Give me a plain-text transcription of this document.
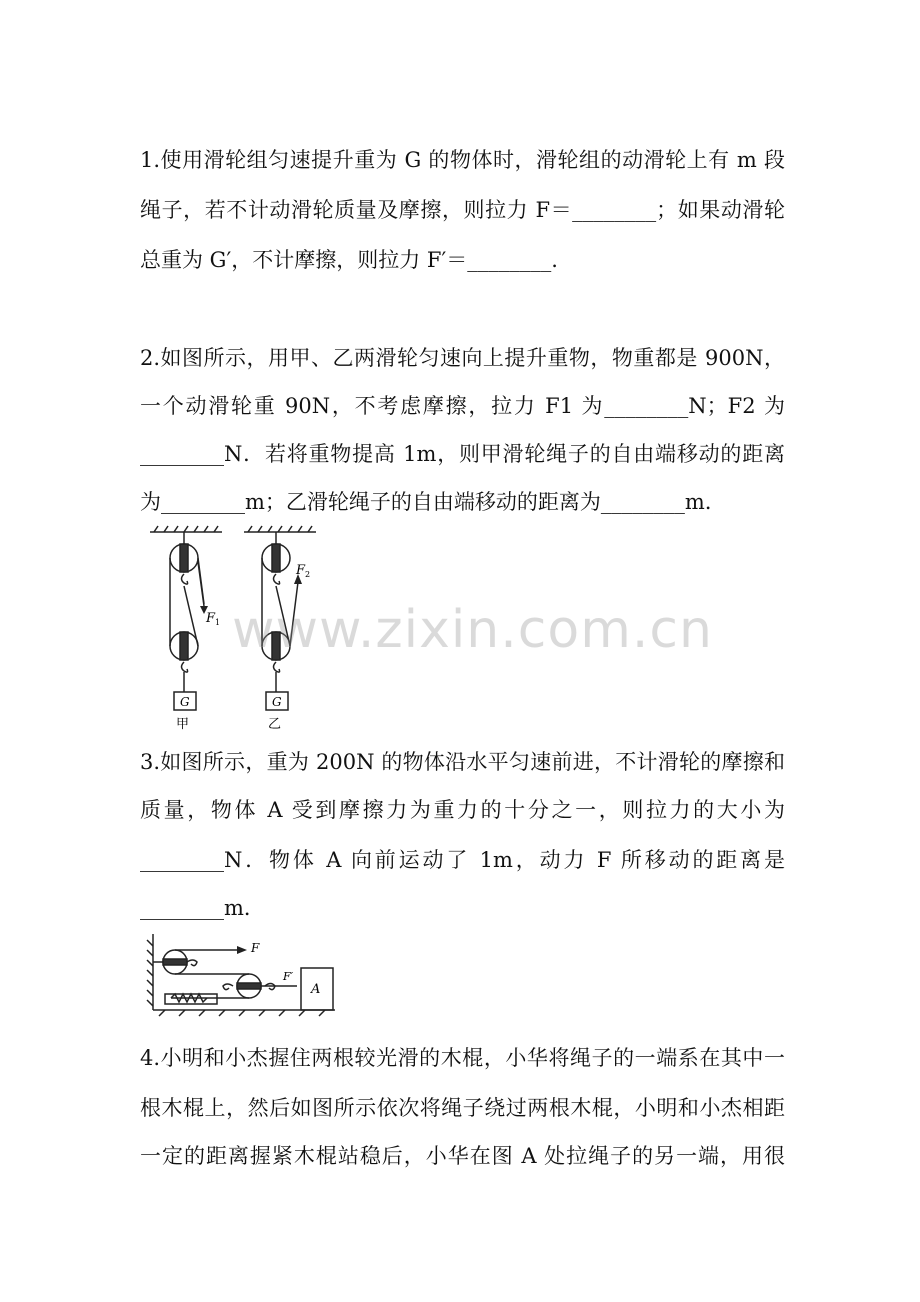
1.使用滑轮组匀速提升重为 G 的物体时，滑轮组的动滑轮上有 m 段
绳子，若不计动滑轮质量及摩擦，则拉力 F＝________；如果动滑轮
总重为 G′，不计摩擦，则拉力 F′＝________.
2.如图所示，用甲、乙两滑轮匀速向上提升重物，物重都是 900N，
一个动滑轮重 90N，不考虑摩擦，拉力 F1 为________N；F2 为
________N．若将重物提高 1m，则甲滑轮绳子的自由端移动的距离
为________m；乙滑轮绳子的自由端移动的距离为________m．
F 1
G
甲
F 2
G
乙
www.zixin.com.cn
3.如图所示，重为 200N 的物体沿水平匀速前进，不计滑轮的摩擦和
质量，物体 A 受到摩擦力为重力的十分之一，则拉力的大小为
________N．物体 A 向前运动了 1m，动力 F 所移动的距离是
________m．
F
F′
A
4.小明和小杰握住两根较光滑的木棍，小华将绳子的一端系在其中一
根木棍上，然后如图所示依次将绳子绕过两根木棍，小明和小杰相距
一定的距离握紧木棍站稳后，小华在图 A 处拉绳子的另一端，用很
